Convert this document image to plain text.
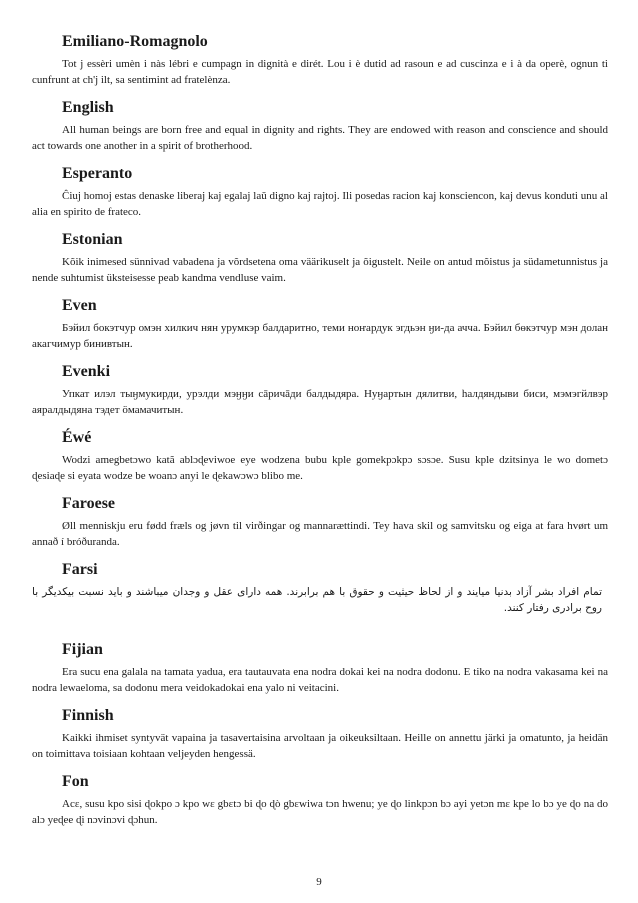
Emiliano-Romagnolo

Tot j essèri umèn i nàs lébri e cumpagn in dignità e dirét. Lou i è dutid ad rasoun e ad cuscinza e i à da operè, ognun ti cunfrunt at ch'j ilt, sa sentimint ad fratelènza.

English

All human beings are born free and equal in dignity and rights. They are endowed with reason and conscience and should act towards one another in a spirit of brotherhood.

Esperanto

Ĉiuj homoj estas denaske liberaj kaj egalaj laŭ digno kaj rajtoj. Ili posedas racion kaj konsciencon, kaj devus konduti unu al alia en spirito de frateco.

Estonian

Kõik inimesed sünnivad vabadena ja võrdsetena oma väärikuselt ja õigustelt. Neile on antud mõistus ja südametunnistus ja nende suhtumist üksteisesse peab kandma vendluse vaim.

Even

Бэйил бокэтчур омэн хилкич нян урумкэр балдаритно, теми ноҥардук эгдьэн ӈи-да ачча. Бэйил бөкэтчур мэн долан акагчимур бинивтын.

Evenki

Упкат илэл тыӈмукирди, урэлди мэӈӈи сāричāди балдыдяра. Нуӈартын дялитви, һалдяндыви биси, мэмэгйлвэр аяралдыдяна тэдет ӧмамачитын.

Éwé

Wodzi amegbetɔwo katã ablɔɖeviwoe eye wodzena bubu kple gomekpɔkpɔ sɔsɔe. Susu kple dzitsinya le wo dometɔ ɖesiaɖe si eyata wodze be woanɔ anyi le ɖekawɔwɔ blibo me.

Faroese

Øll menniskju eru fødd fræls og jøvn til virðingar og mannarættindi. Tey hava skil og samvitsku og eiga at fara hvørt um annað í bróðuranda.

Farsi

تمام افراد بشر آزاد بدنیا میایند و از لحاظ حیثیت و حقوق با هم برابرند. همه دارای عقل و وجدان میباشند و باید نسبت بیکدیگر با روح برادری رفتار کنند.

Fijian

Era sucu ena galala na tamata yadua, era tautauvata ena nodra dokai kei na nodra dodonu. E tiko na nodra vakasama kei na nodra lewaeloma, sa dodonu mera veidokadokai ena yalo ni veitacini.

Finnish

Kaikki ihmiset syntyvät vapaina ja tasavertaisina arvoltaan ja oikeuksiltaan. Heille on annettu järki ja omatunto, ja heidän on toimittava toisiaan kohtaan veljeyden hengessä.

Fon

Acɛ, susu kpo sisi ɖokpo ɔ kpo wɛ gbɛtɔ bi ɖo ɖò gbɛwiwa tɔn hwenu; ye ɖo linkpɔn bɔ ayi yetɔn mɛ kpe lo bɔ ye ɖo na do alɔ yeɖee ɖi nɔvinɔvi ɖɔhun.

9
